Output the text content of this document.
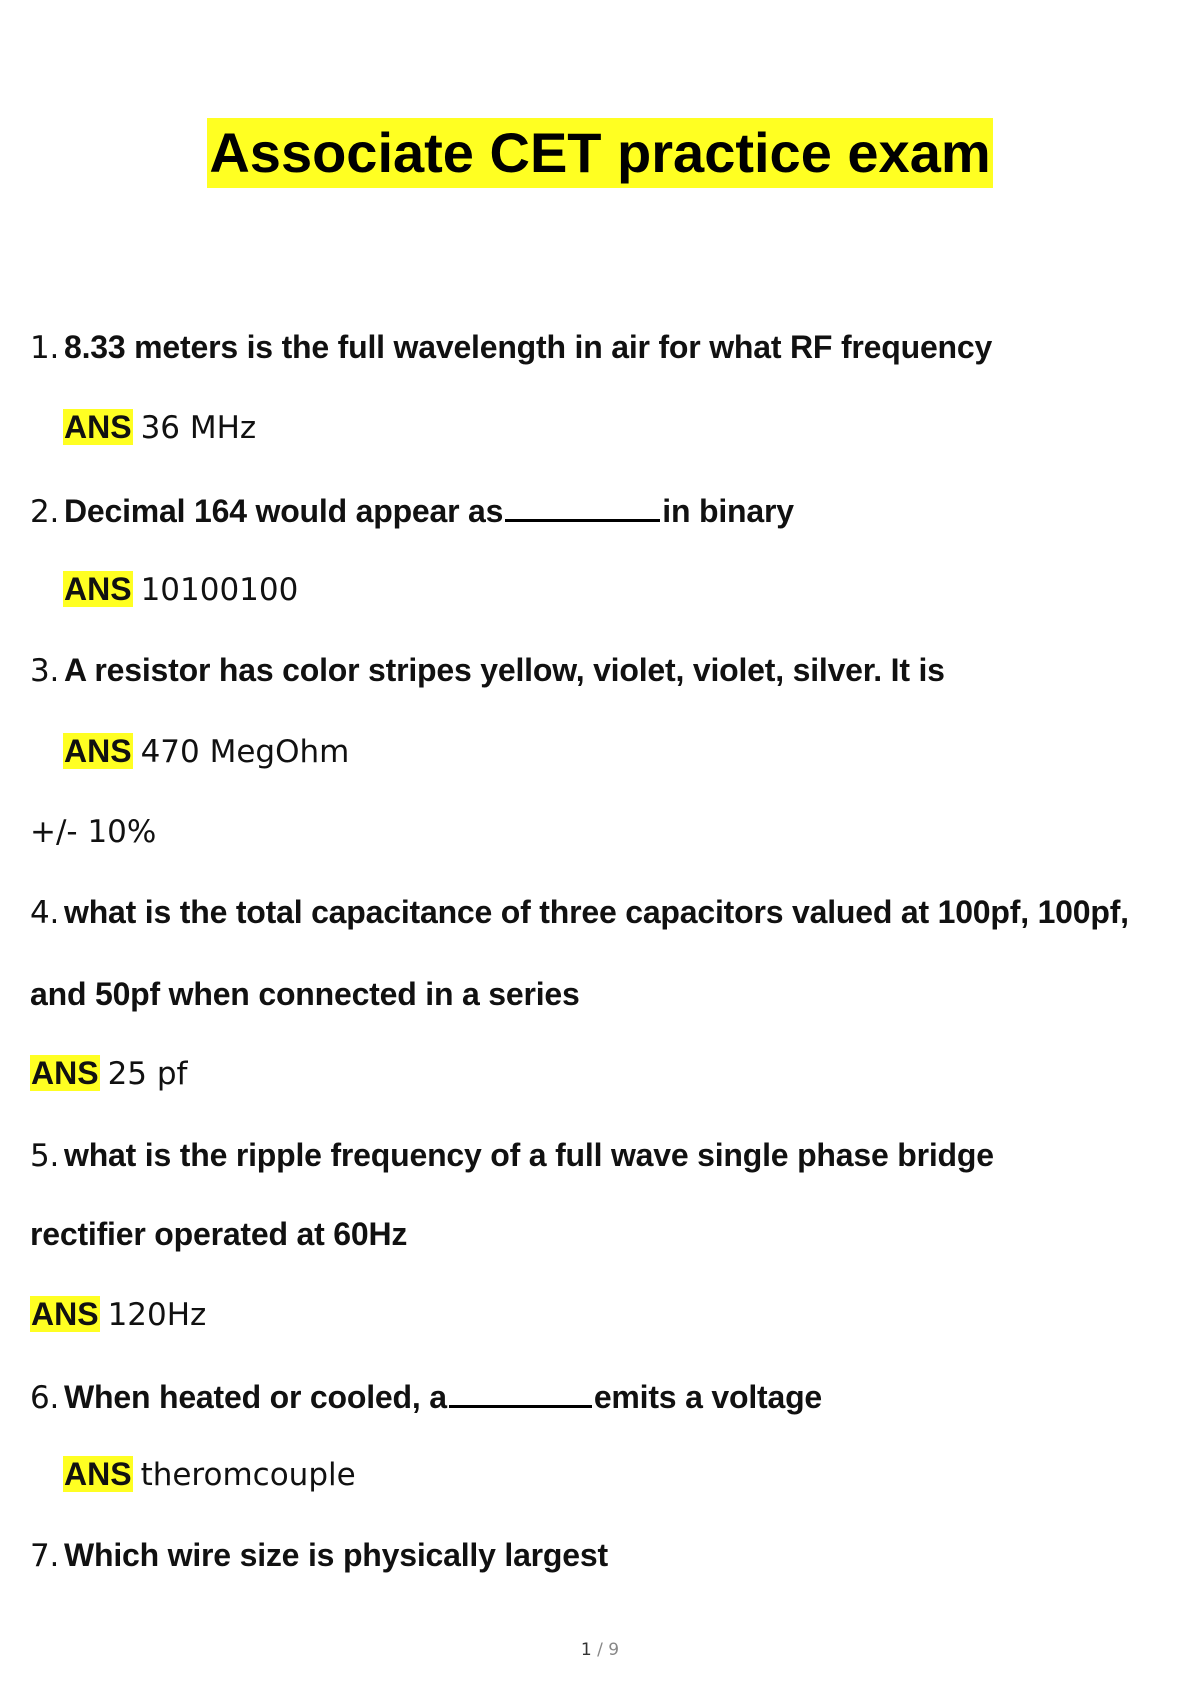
Associate CET practice exam
1. 8.33 meters is the full wavelength in air for what RF frequency
ANS 36 MHz
2. Decimal 164 would appear as	in binary
ANS 10100100
3. A resistor has color stripes yellow, violet, violet, silver. It is
ANS 470 MegOhm
+/- 10%
4. what is the total capacitance of three capacitors valued at 100pf, 100pf,
and 50pf when connected in a series
ANS 25 pf
5. what is the ripple frequency of a full wave single phase bridge
rectifier operated at 60Hz
ANS 120Hz
6. When heated or cooled, a	emits a voltage
ANS theromcouple
7. Which wire size is physically largest
1 / 9
